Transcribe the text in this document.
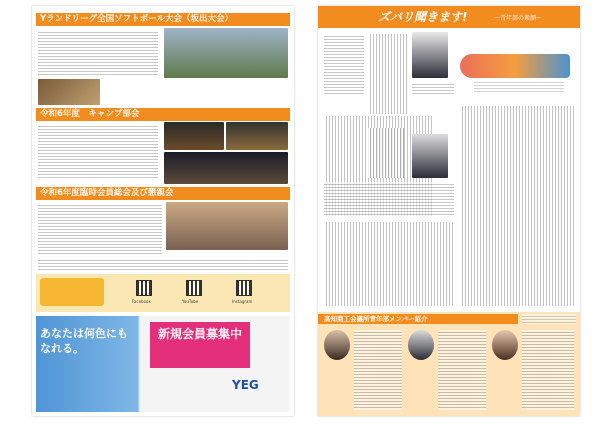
Yランドリーグ全国ソフトボール大会（坂出大会）
令和6年度　キャンプ部会
令和6年度臨時会員総会及び懇親会
Facebook	YouTube	Instagram
あなたは何色にもなれる。
新規会員募集中
YEG
ズバリ聞きます!	～青年部の素顔～
高知商工会議所青年部メンバー紹介
